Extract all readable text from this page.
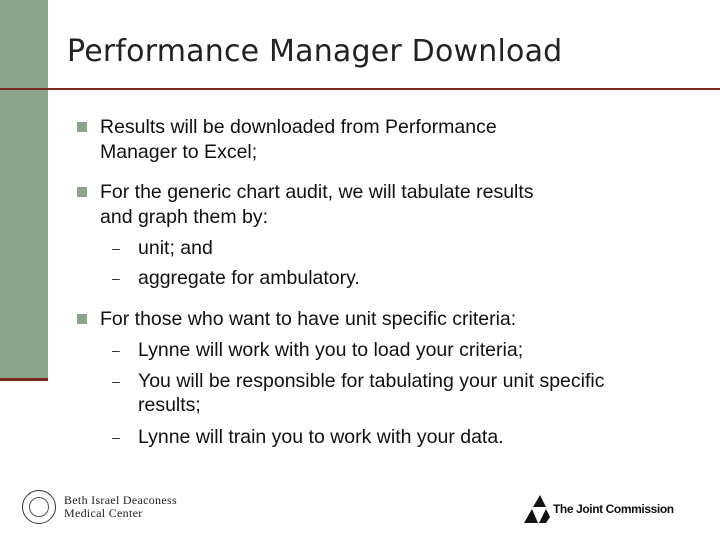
Performance Manager Download
Results will be downloaded from Performance
Manager to Excel;
For the generic chart audit, we will tabulate results
and graph them by:
– unit; and
– aggregate for ambulatory.
For those who want to have unit specific criteria:
– Lynne will work with you to load your criteria;
– You will be responsible for tabulating your unit specific
results;
– Lynne will train you to work with your data.
Beth Israel Deaconess
Medical Center	The Joint Commission
